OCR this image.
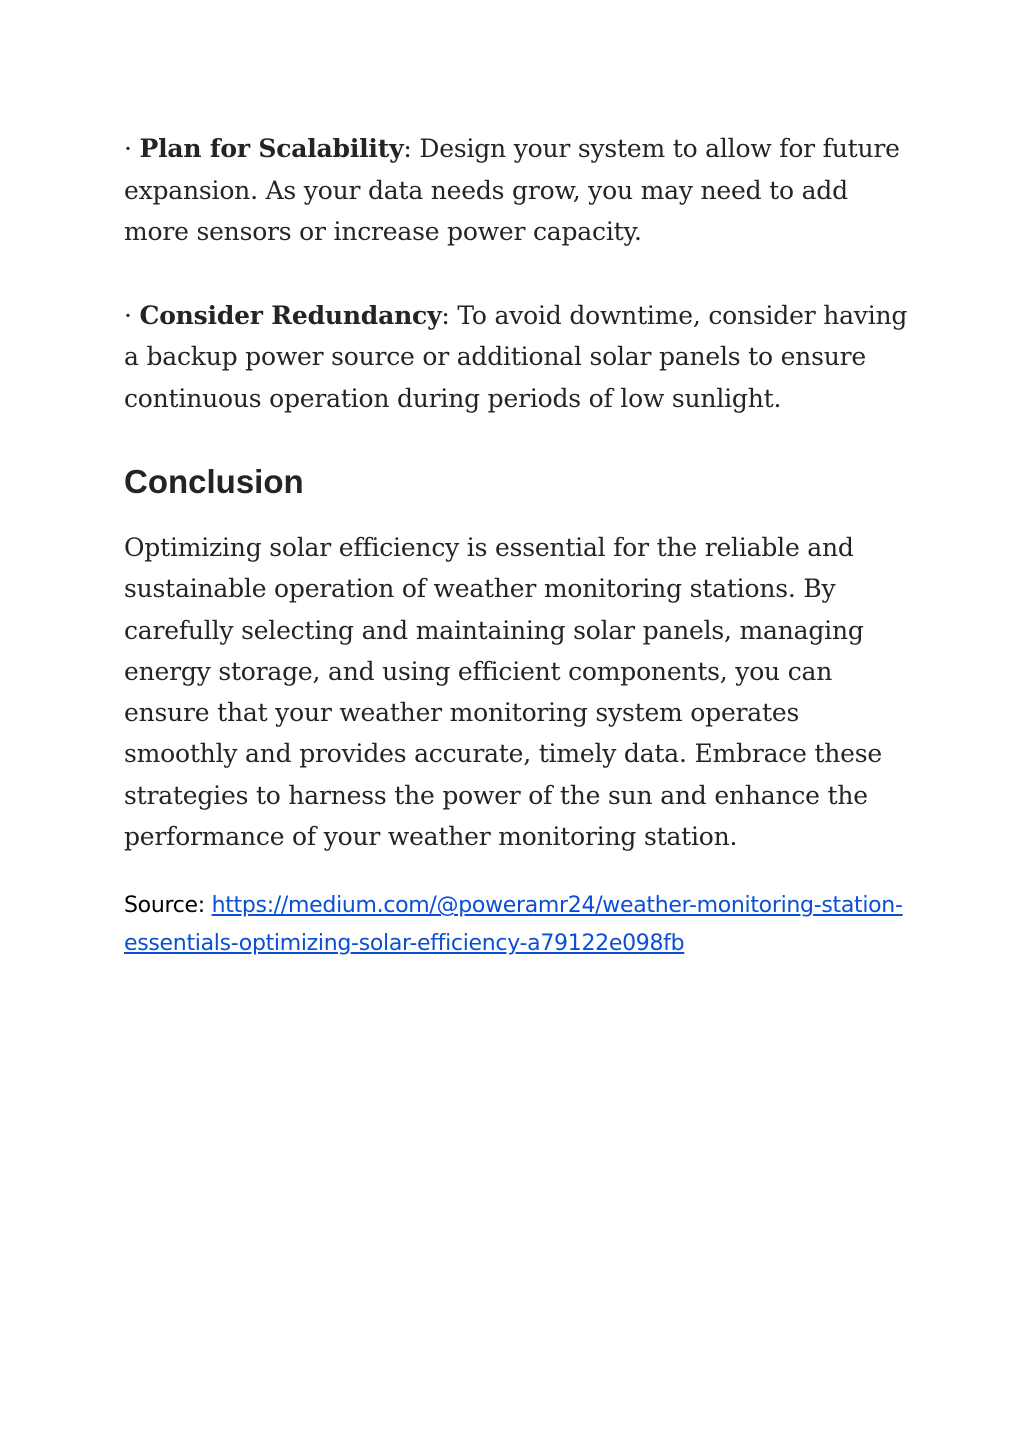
· Plan for Scalability: Design your system to allow for future expansion. As your data needs grow, you may need to add more sensors or increase power capacity.

· Consider Redundancy: To avoid downtime, consider having a backup power source or additional solar panels to ensure continuous operation during periods of low sunlight.

Conclusion

Optimizing solar efficiency is essential for the reliable and sustainable operation of weather monitoring stations. By carefully selecting and maintaining solar panels, managing energy storage, and using efficient components, you can ensure that your weather monitoring system operates smoothly and provides accurate, timely data. Embrace these strategies to harness the power of the sun and enhance the performance of your weather monitoring station.

Source: https://medium.com/@poweramr24/weather-monitoring-station-essentials-optimizing-solar-efficiency-a79122e098fb
